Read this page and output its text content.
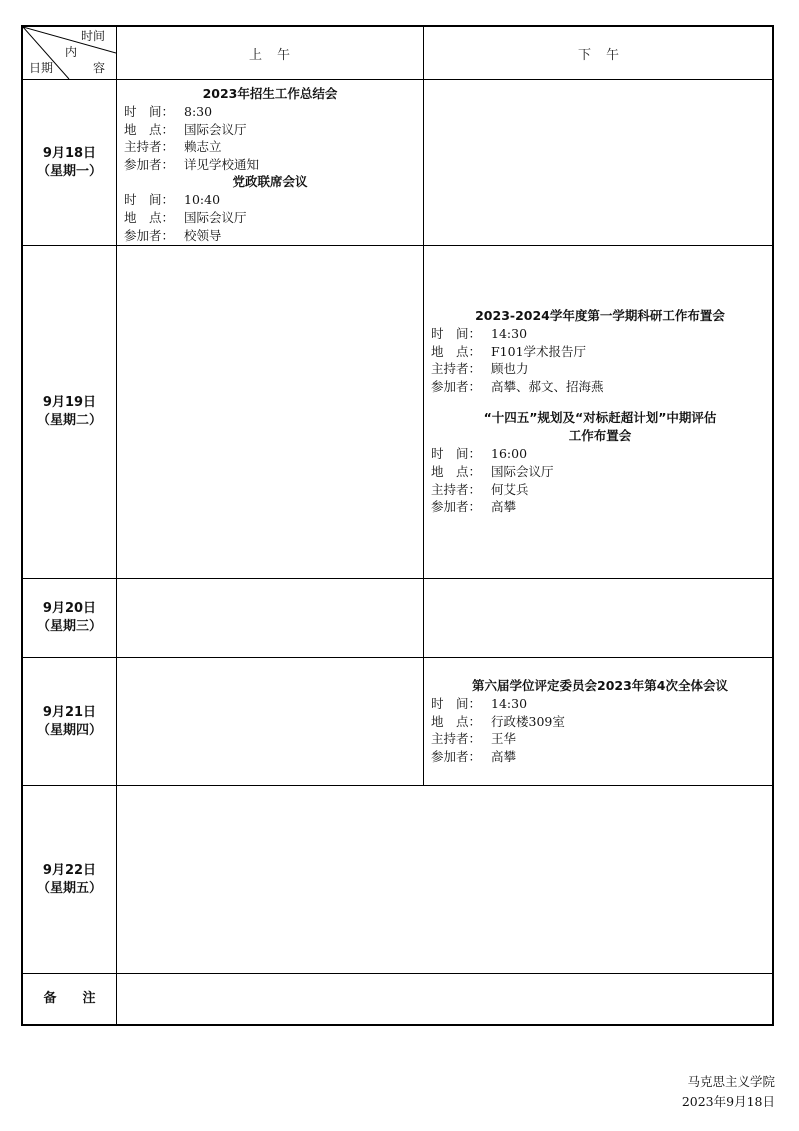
时间
内
容
日期
上　午	下　午
9月18日
（星期一）
9月19日
（星期二）
9月20日
（星期三）
9月21日
（星期四）
9月22日
（星期五）
备　　注
2023年招生工作总结会
时　间： 8:30
地　点： 国际会议厅
主持者： 赖志立
参加者： 详见学校通知
党政联席会议
时　间： 10:40
地　点： 国际会议厅
参加者： 校领导
2023-2024学年度第一学期科研工作布置会
时　间： 14:30
地　点： F101学术报告厅
主持者： 顾也力
参加者： 高攀、郝文、招海燕
“十四五”规划及“对标赶超计划”中期评估
工作布置会
时　间： 16:00
地　点： 国际会议厅
主持者： 何艾兵
参加者： 高攀
第六届学位评定委员会2023年第4次全体会议
时　间： 14:30
地　点： 行政楼309室
主持者： 王华
参加者： 高攀
马克思主义学院
2023年9月18日
